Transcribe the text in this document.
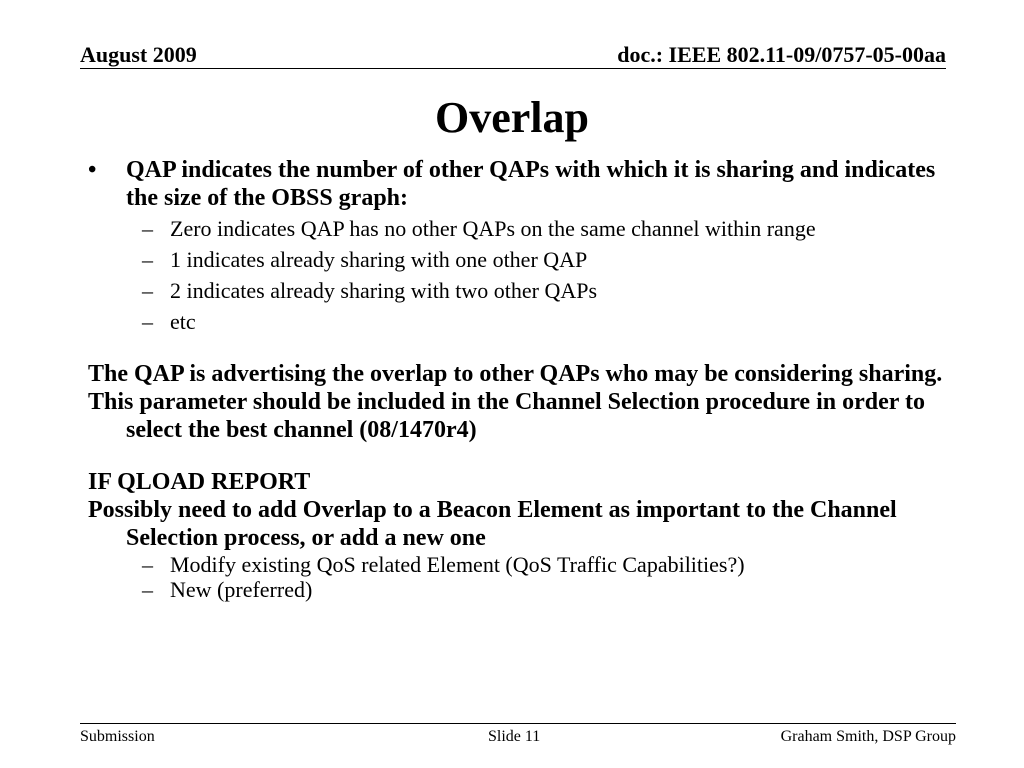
August 2009	doc.: IEEE 802.11-09/0757-05-00aa
Overlap
• QAP indicates the number of other QAPs with which it is sharing and indicates the size of the OBSS graph:
– Zero indicates QAP has no other QAPs on the same channel within range
– 1 indicates already sharing with one other QAP
– 2 indicates already sharing with two other QAPs
– etc
The QAP is advertising the overlap to other QAPs who may be considering sharing.
This parameter should be included in the Channel Selection procedure in order to select the best channel (08/1470r4)
IF QLOAD REPORT
Possibly need to add Overlap to a Beacon Element as important to the Channel Selection process, or add a new one
– Modify existing QoS related Element (QoS Traffic Capabilities?)
– New (preferred)
Submission	Slide 11	Graham Smith, DSP Group
